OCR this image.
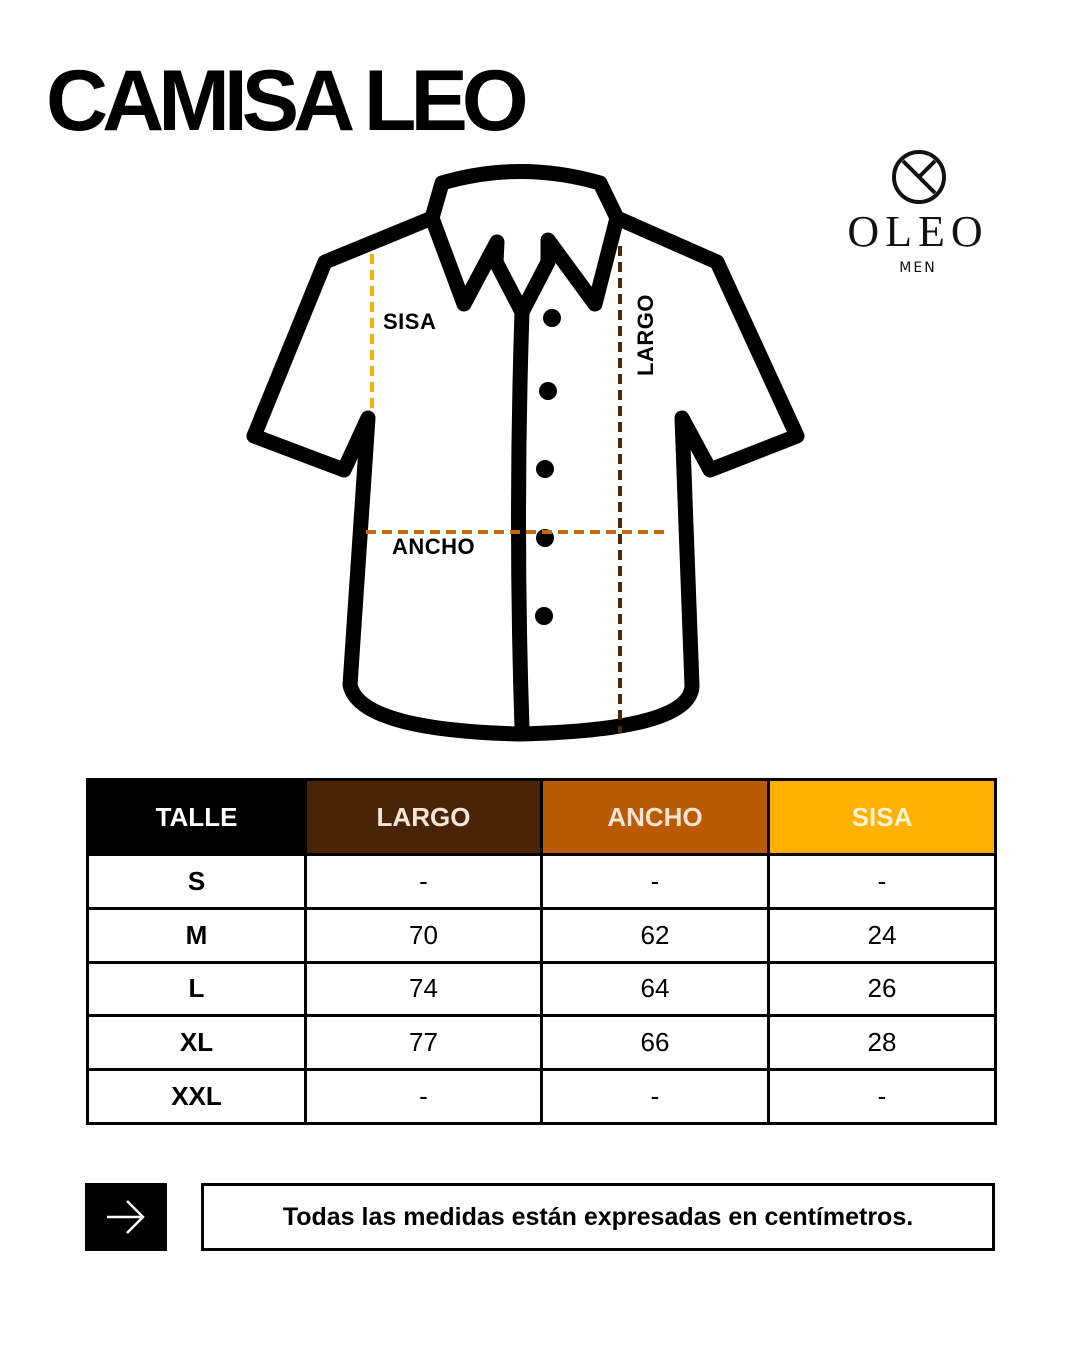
CAMISA LEO
OLEO
MEN
SISA
ANCHO
LARGO
TALLE	LARGO	ANCHO	SISA
S	-	-	-
M	70	62	24
L	74	64	26
XL	77	66	28
XXL	-	-	-
Todas las medidas están expresadas en centímetros.
